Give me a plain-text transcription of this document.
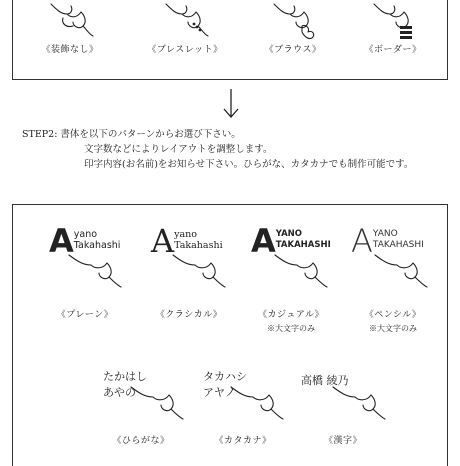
《装飾なし》	《ブレスレット》	《ブラウス》	《ボーダー》
STEP2: 書体を以下のパターンからお選び下さい。
文字数などによりレイアウトを調整します。
印字内容(お名前)をお知らせ下さい。ひらがな、カタカナでも制作可能です。
A yano
Takahashi
《プレーン》
A yano
Takahashi
《クラシカル》
A YANO
TAKAHASHI
《カジュアル》
※大文字のみ
A YANO
TAKAHASHI
《ペンシル》
※大文字のみ
たかはし
あやの
《ひらがな》
タカハシ
アヤノ
《カタカナ》
高橋 綾乃
《漢字》
